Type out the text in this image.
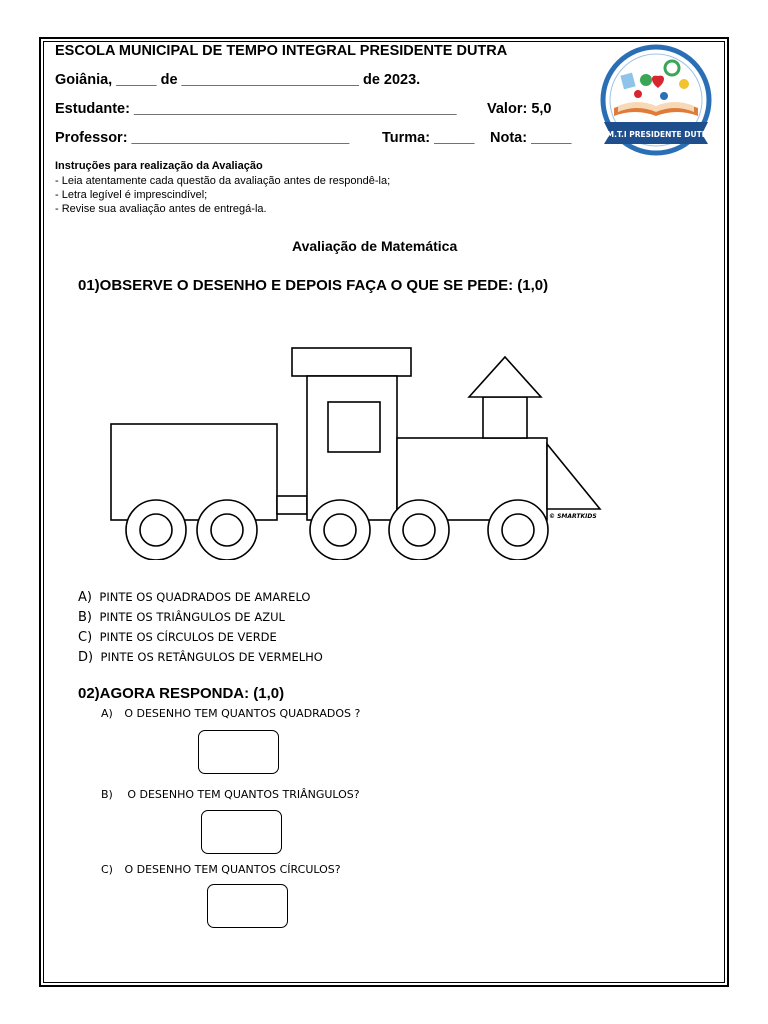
ESCOLA MUNICIPAL DE TEMPO INTEGRAL PRESIDENTE DUTRA
Goiânia, _____ de ______________________ de 2023.
Estudante: ________________________________________ Valor: 5,0
Professor: ___________________________ Turma: _____ Nota: _____	E.M.T.I PRESIDENTE DUTRA
Instruções para realização da Avaliação
- Leia atentamente cada questão da avaliação antes de respondê-la;
- Letra legível é imprescindível;
- Revise sua avaliação antes de entregá-la.
Avaliação de Matemática
01)OBSERVE O DESENHO E DEPOIS FAÇA O QUE SE PEDE: (1,0)
© SMARTKIDS
A) PINTE OS QUADRADOS DE AMARELO
B) PINTE OS TRIÂNGULOS DE AZUL
C) PINTE OS CÍRCULOS DE VERDE
D) PINTE OS RETÂNGULOS DE VERMELHO
02)AGORA RESPONDA: (1,0)
A) O DESENHO TEM QUANTOS QUADRADOS ?
B) O DESENHO TEM QUANTOS TRIÂNGULOS?
C) O DESENHO TEM QUANTOS CÍRCULOS?
